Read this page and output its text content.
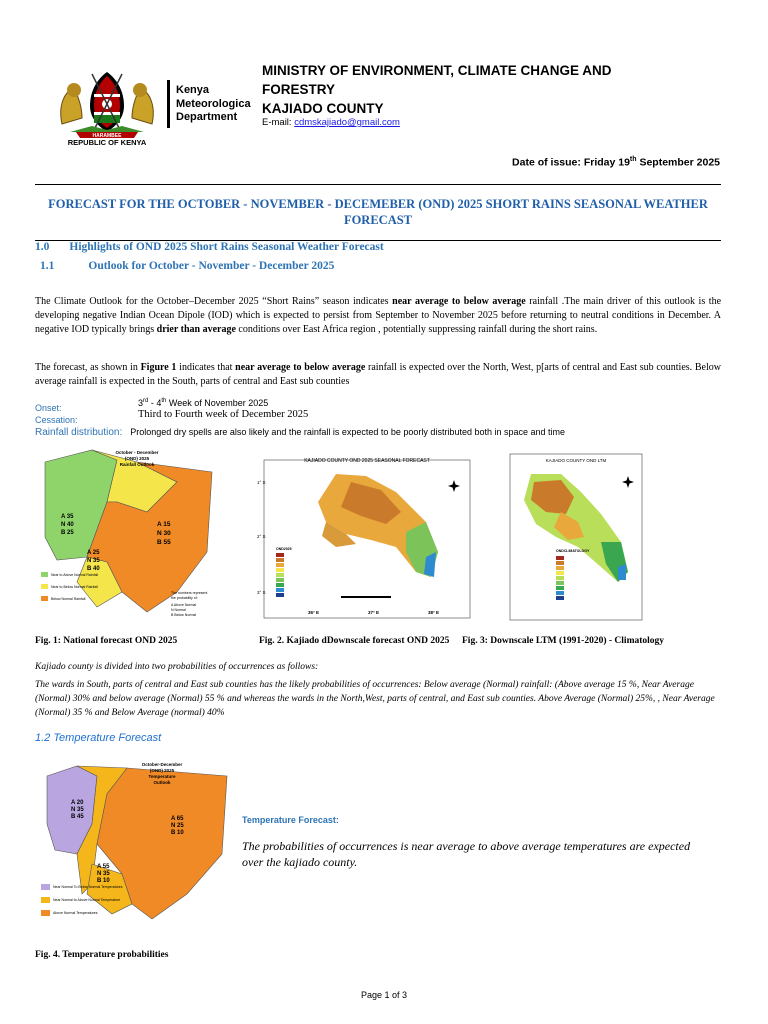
HARAMBEE
REPUBLIC OF KENYA
Kenya
Meteorologica
Department
MINISTRY OF ENVIRONMENT, CLIMATE CHANGE AND
FORESTRY
KAJIADO COUNTY
E-mail: cdmskajiado@gmail.com
Date of issue: Friday 19th September 2025
FORECAST FOR THE OCTOBER - NOVEMBER - DECEMEBER (OND) 2025 SHORT RAINS SEASONAL WEATHER
FORECAST
1.0 Highlights of OND 2025 Short Rains Seasonal Weather Forecast
1.1	Outlook for October - November - December 2025
The Climate Outlook for the October–December 2025 “Short Rains” season indicates near average to below average rainfall .The main driver of this outlook is the developing negative Indian Ocean Dipole (IOD) which is expected to persist from September to November 2025 before returning to neutral conditions in December. A negative IOD typically brings drier than average conditions over East Africa region , potentially suppressing rainfall during the short rains.
The forecast, as shown in Figure 1 indicates that near average to below average rainfall is expected over the North, West, p[arts of central and East sub counties. Below average rainfall is expected in the South, parts of central and East sub counties
Onset:	3rd - 4th Week of November 2025
Cessation:	Third to Fourth week of December 2025
Rainfall distribution: Prolonged dry spells are also likely and the rainfall is expected to be poorly distributed both in space and time
October - December
(OND) 2025
Rainfall Outlook
A 35
N 40
B 25
A 15
N 30
B 55
A 25
N 35
B 40
Near to Above Normal Rainfall
Near to Below Normal Rainfall
Below Normal Rainfall
The numbers represent
the probability of:
A Above Normal
N Normal
B Below Normal
KAJIADO COUNTY OND 2025 SEASONAL FORECAST
1° S
2° S
3° S
36° E	37° E	38° E
OND2025
KAJIADO COUNTY OND LTM
ONDCLIMATOLOGY
Fig. 1: National forecast OND 2025	Fig. 2. Kajiado dDownscale forecast OND 2025 Fig. 3: Downscale LTM (1991-2020) - Climatology
Kajiado county is divided into two probabilities of occurrences as follows:
The wards in South, parts of central and East sub counties has the likely probabilities of occurrences: Below average (Normal) rainfall: (Above average 15 %, Near Average (Normal) 30% and below average (Normal) 55 % and whereas the wards in the North,West, parts of central, and East sub counties. Above Average (Normal) 25%, , Near Average (Normal) 35 % and Below Average (normal) 40%
1.2 Temperature Forecast
October-December
(OND) 2025
Temperature
Outlook
A 20
N 35
B 45	A 65
N 25
B 10
A 55
N 35
B 10
Near Normal To Below Normal Temperatures
Near Normal to Above Normal Temperature
Above Normal Temperatures
Temperature Forecast:
The probabilities of occurrences is near average to above average temperatures are expected over the kajiado county.
Fig. 4. Temperature probabilities
Page 1 of 3
